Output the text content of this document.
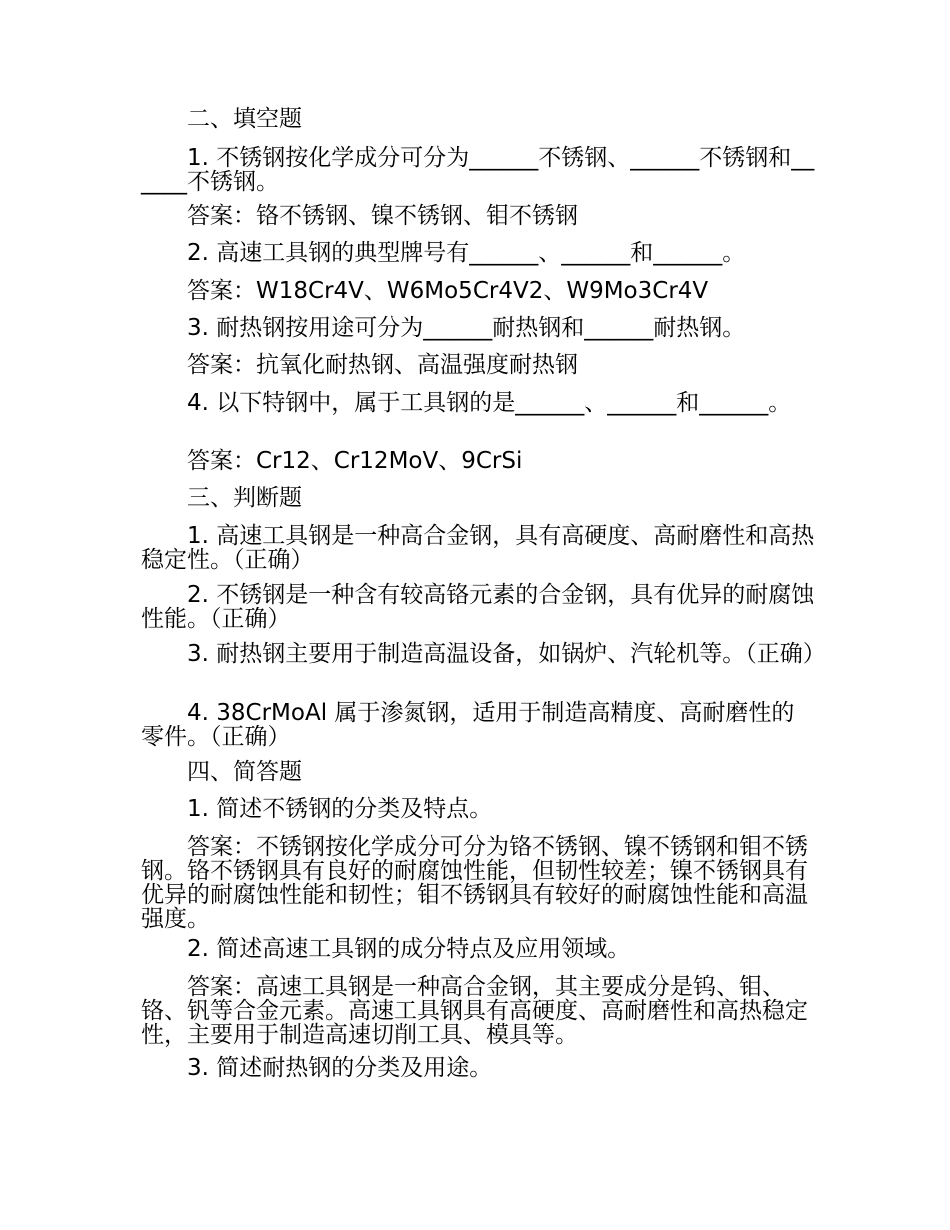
二、填空题

1. 不锈钢按化学成分可分为______不锈钢、______不锈钢和______不锈钢。

答案：铬不锈钢、镍不锈钢、钼不锈钢

2. 高速工具钢的典型牌号有______、______和______。

答案：W18Cr4V、W6Mo5Cr4V2、W9Mo3Cr4V

3. 耐热钢按用途可分为______耐热钢和______耐热钢。

答案：抗氧化耐热钢、高温强度耐热钢

4. 以下特钢中，属于工具钢的是______、______和______。

答案：Cr12、Cr12MoV、9CrSi

三、判断题

1. 高速工具钢是一种高合金钢，具有高硬度、高耐磨性和高热稳定性。（正确）

2. 不锈钢是一种含有较高铬元素的合金钢，具有优异的耐腐蚀性能。（正确）

3. 耐热钢主要用于制造高温设备，如锅炉、汽轮机等。（正确）

4. 38CrMoAl 属于渗氮钢，适用于制造高精度、高耐磨性的零件。（正确）

四、简答题

1. 简述不锈钢的分类及特点。

答案：不锈钢按化学成分可分为铬不锈钢、镍不锈钢和钼不锈钢。铬不锈钢具有良好的耐腐蚀性能，但韧性较差；镍不锈钢具有优异的耐腐蚀性能和韧性；钼不锈钢具有较好的耐腐蚀性能和高温强度。

2. 简述高速工具钢的成分特点及应用领域。

答案：高速工具钢是一种高合金钢，其主要成分是钨、钼、铬、钒等合金元素。高速工具钢具有高硬度、高耐磨性和高热稳定性，主要用于制造高速切削工具、模具等。

3. 简述耐热钢的分类及用途。
